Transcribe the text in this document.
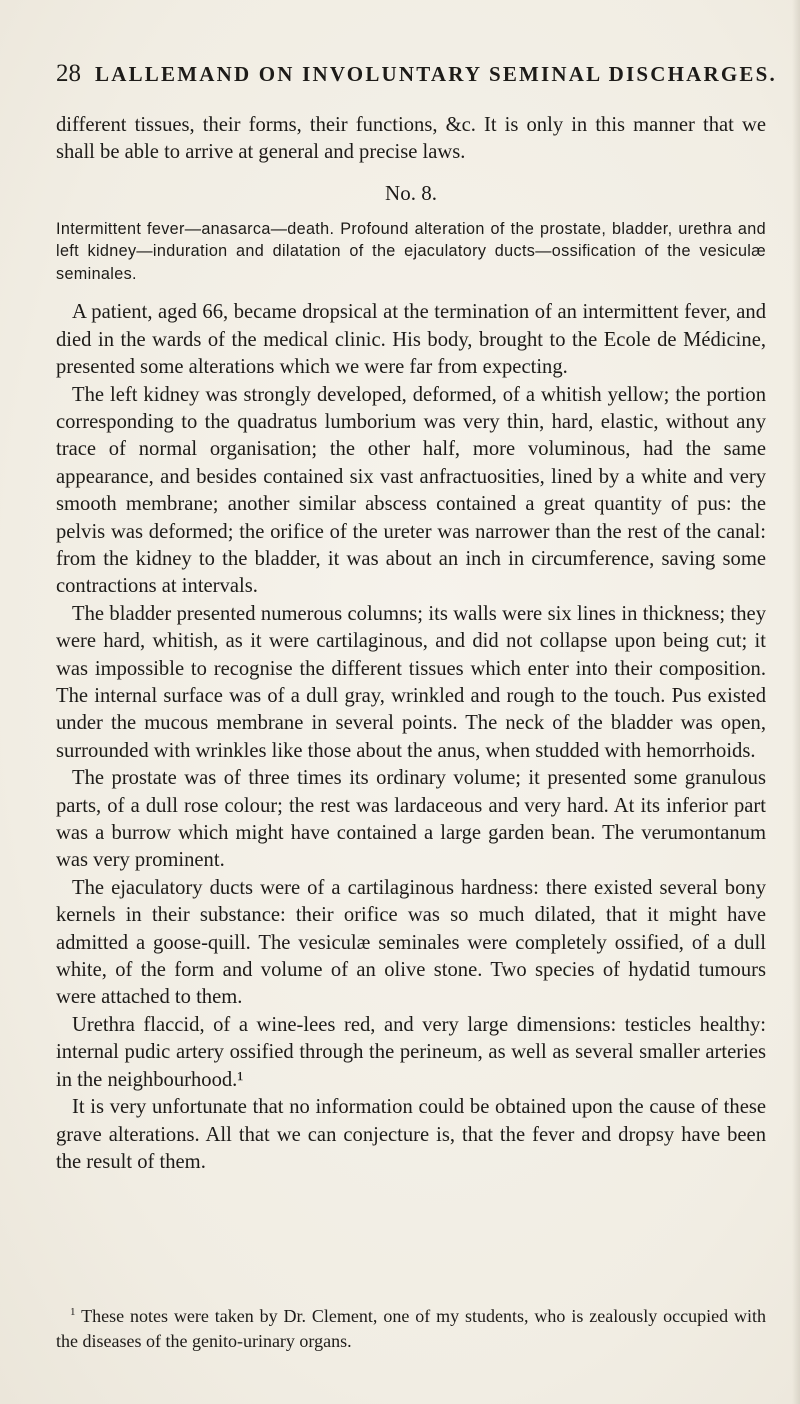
28 LALLEMAND ON INVOLUNTARY SEMINAL DISCHARGES.

different tissues, their forms, their functions, &c. It is only in this manner that we shall be able to arrive at general and precise laws.

No. 8.
Intermittent fever—anasarca—death. Profound alteration of the prostate, bladder, urethra and left kidney—induration and dilatation of the ejaculatory ducts—ossification of the vesiculæ seminales.

A patient, aged 66, became dropsical at the termination of an intermittent fever, and died in the wards of the medical clinic. His body, brought to the Ecole de Médicine, presented some alterations which we were far from expecting.

The left kidney was strongly developed, deformed, of a whitish yellow; the portion corresponding to the quadratus lumborium was very thin, hard, elastic, without any trace of normal organisation; the other half, more voluminous, had the same appearance, and besides contained six vast anfractuosities, lined by a white and very smooth membrane; another similar abscess contained a great quantity of pus: the pelvis was deformed; the orifice of the ureter was narrower than the rest of the canal: from the kidney to the bladder, it was about an inch in circumference, saving some contractions at intervals.

The bladder presented numerous columns; its walls were six lines in thickness; they were hard, whitish, as it were cartilaginous, and did not collapse upon being cut; it was impossible to recognise the different tissues which enter into their composition. The internal surface was of a dull gray, wrinkled and rough to the touch. Pus existed under the mucous membrane in several points. The neck of the bladder was open, surrounded with wrinkles like those about the anus, when studded with hemorrhoids.

The prostate was of three times its ordinary volume; it presented some granulous parts, of a dull rose colour; the rest was lardaceous and very hard. At its inferior part was a burrow which might have contained a large garden bean. The verumontanum was very prominent.

The ejaculatory ducts were of a cartilaginous hardness: there existed several bony kernels in their substance: their orifice was so much dilated, that it might have admitted a goose-quill. The vesiculæ seminales were completely ossified, of a dull white, of the form and volume of an olive stone. Two species of hydatid tumours were attached to them.

Urethra flaccid, of a wine-lees red, and very large dimensions: testicles healthy: internal pudic artery ossified through the perineum, as well as several smaller arteries in the neighbourhood.¹

It is very unfortunate that no information could be obtained upon the cause of these grave alterations. All that we can conjecture is, that the fever and dropsy have been the result of them.

$^1$ These notes were taken by Dr. Clement, one of my students, who is zealously occupied with the diseases of the genito-urinary organs.
